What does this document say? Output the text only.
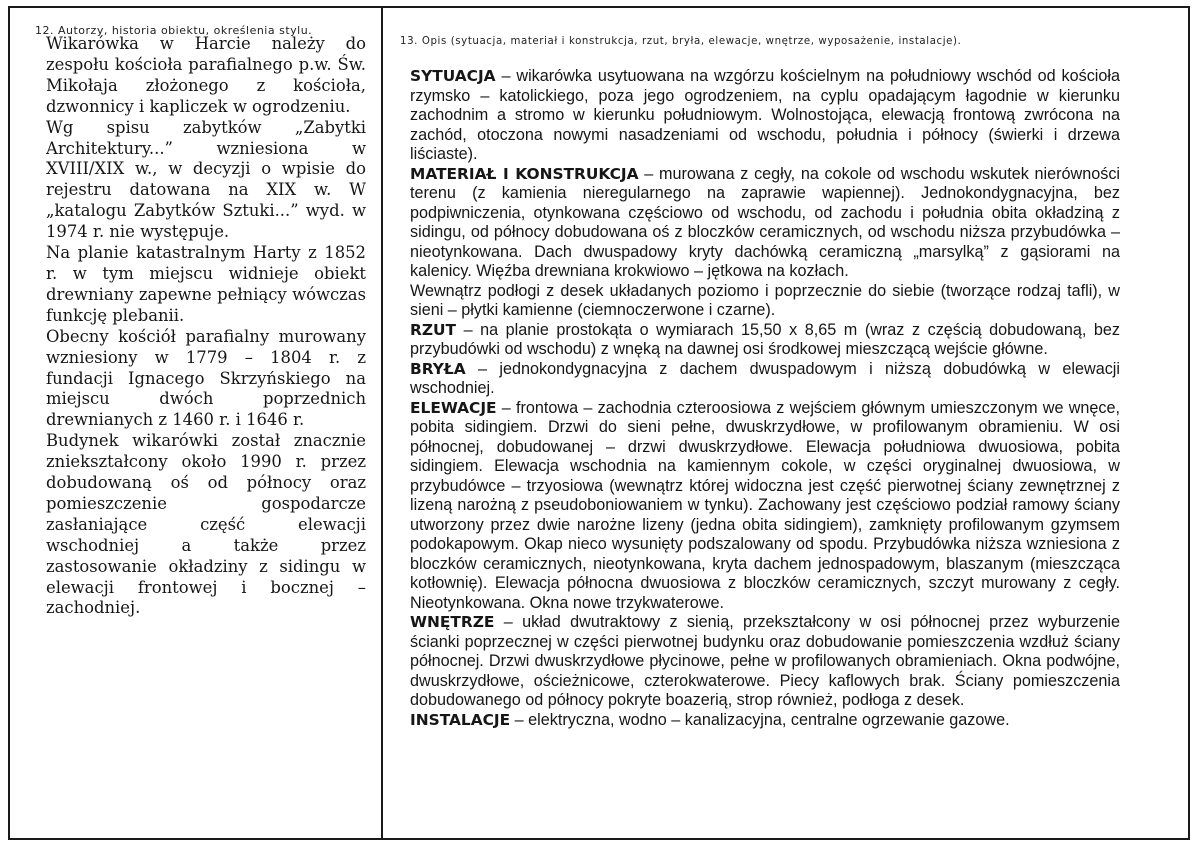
12. Autorzy, historia obiektu, określenia stylu.

Wikarówka w Harcie należy do zespołu kościoła parafialnego p.w. Św. Mikołaja złożonego z kościoła, dzwonnicy i kapliczek w ogrodzeniu.

Wg spisu zabytków „Zabytki Architektury...” wzniesiona w XVIII/XIX w., w decyzji o wpisie do rejestru datowana na XIX w. W „katalogu Zabytków Sztuki...” wyd. w 1974 r. nie występuje.

Na planie katastralnym Harty z 1852 r. w tym miejscu widnieje obiekt drewniany zapewne pełniący wówczas funkcję plebanii.

Obecny kościół parafialny murowany wzniesiony w 1779 – 1804 r. z fundacji Ignacego Skrzyńskiego na miejscu dwóch poprzednich drewnianych z 1460 r. i 1646 r.

Budynek wikarówki został znacznie zniekształcony około 1990 r. przez dobudowaną oś od północy oraz pomieszczenie gospodarcze zasłaniające część elewacji wschodniej a także przez zastosowanie okładziny z sidingu w elewacji frontowej i bocznej – zachodniej.

13. Opis (sytuacja, materiał i konstrukcja, rzut, bryła, elewacje, wnętrze, wyposażenie, instalacje).

SYTUACJA – wikarówka usytuowana na wzgórzu kościelnym na południowy wschód od kościoła rzymsko – katolickiego, poza jego ogrodzeniem, na cyplu opadającym łagodnie w kierunku zachodnim a stromo w kierunku południowym. Wolnostojąca, elewacją frontową zwrócona na zachód, otoczona nowymi nasadzeniami od wschodu, południa i północy (świerki i drzewa liściaste).

MATERIAŁ I KONSTRUKCJA – murowana z cegły, na cokole od wschodu wskutek nierówności terenu (z kamienia nieregularnego na zaprawie wapiennej). Jednokondygnacyjna, bez podpiwniczenia, otynkowana częściowo od wschodu, od zachodu i południa obita okładziną z sidingu, od północy dobudowana oś z bloczków ceramicznych, od wschodu niższa przybudówka – nieotynkowana. Dach dwuspadowy kryty dachówką ceramiczną „marsylką” z gąsiorami na kalenicy. Więźba drewniana krokwiowo – jętkowa na kozłach.

Wewnątrz podłogi z desek układanych poziomo i poprzecznie do siebie (tworzące rodzaj tafli), w sieni – płytki kamienne (ciemnoczerwone i czarne).

RZUT – na planie prostokąta o wymiarach 15,50 x 8,65 m (wraz z częścią dobudowaną, bez przybudówki od wschodu) z wnęką na dawnej osi środkowej mieszczącą wejście główne.

BRYŁA – jednokondygnacyjna z dachem dwuspadowym i niższą dobudówką w elewacji wschodniej.

ELEWACJE – frontowa – zachodnia czteroosiowa z wejściem głównym umieszczonym we wnęce, pobita sidingiem. Drzwi do sieni pełne, dwuskrzydłowe, w profilowanym obramieniu. W osi północnej, dobudowanej – drzwi dwuskrzydłowe. Elewacja południowa dwuosiowa, pobita sidingiem. Elewacja wschodnia na kamiennym cokole, w części oryginalnej dwuosiowa, w przybudówce – trzyosiowa (wewnątrz której widoczna jest część pierwotnej ściany zewnętrznej z lizeną narożną z pseudoboniowaniem w tynku). Zachowany jest częściowo podział ramowy ściany utworzony przez dwie narożne lizeny (jedna obita sidingiem), zamknięty profilowanym gzymsem podokapowym. Okap nieco wysunięty podszalowany od spodu. Przybudówka niższa wzniesiona z bloczków ceramicznych, nieotynkowana, kryta dachem jednospadowym, blaszanym (mieszcząca kotłownię). Elewacja północna dwuosiowa z bloczków ceramicznych, szczyt murowany z cegły. Nieotynkowana. Okna nowe trzykwaterowe.

WNĘTRZE – układ dwutraktowy z sienią, przekształcony w osi północnej przez wyburzenie ścianki poprzecznej w części pierwotnej budynku oraz dobudowanie pomieszczenia wzdłuż ściany północnej. Drzwi dwuskrzydłowe płycinowe, pełne w profilowanych obramieniach. Okna podwójne, dwuskrzydłowe, ościeżnicowe, czterokwaterowe. Piecy kaflowych brak. Ściany pomieszczenia dobudowanego od północy pokryte boazerią, strop również, podłoga z desek.

INSTALACJE – elektryczna, wodno – kanalizacyjna, centralne ogrzewanie gazowe.
